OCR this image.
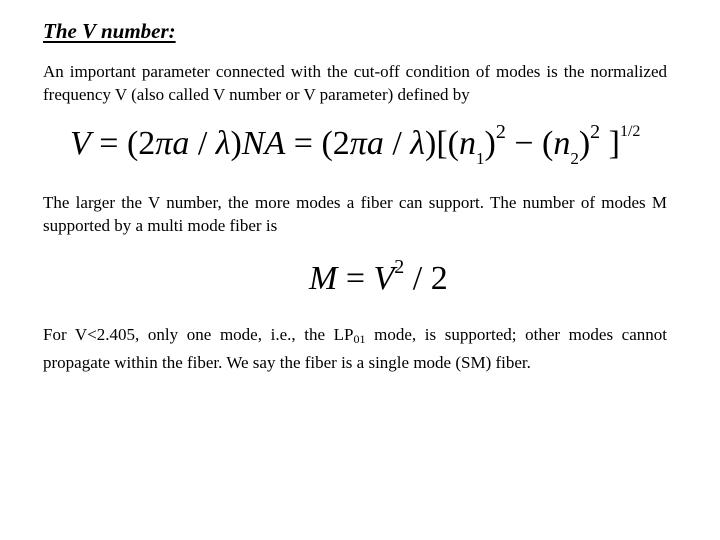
The V number:
An important parameter connected with the cut-off condition of modes is the normalized frequency V (also called V number or V parameter) defined by
$V = (2\pi a / \lambda)NA = (2\pi a / \lambda)[(n_1)^2 - (n_2)^2$ ]$^{1/2}$
The larger the V number, the more modes a fiber can support. The number of modes M supported by a multi mode fiber is
$M = V^2 / 2$
For V<2.405, only one mode, i.e., the LP01 mode, is supported; other modes cannot propagate within the fiber. We say the fiber is a single mode (SM) fiber.
